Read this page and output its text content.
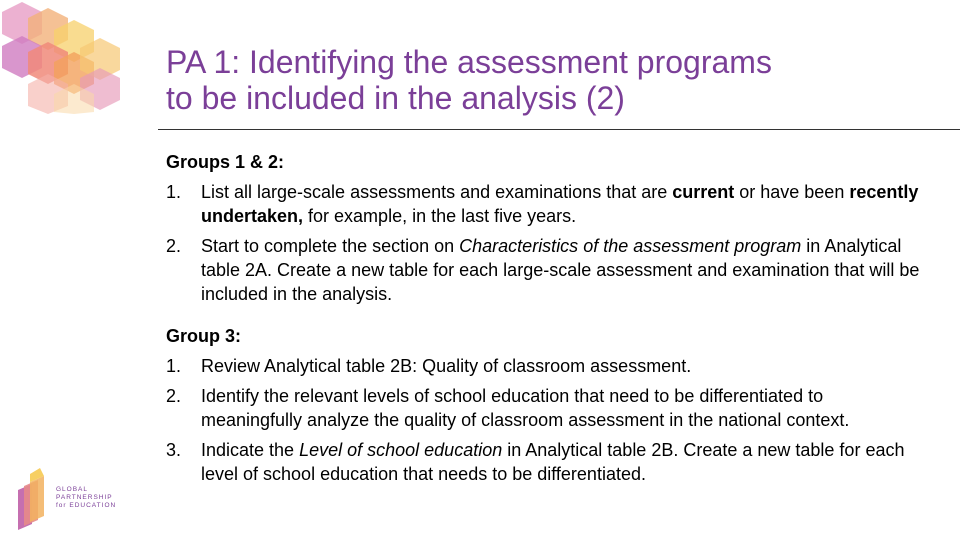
PA 1: Identifying the assessment programs
to be included in the analysis (2)
Groups 1 & 2:
1.	List all large-scale assessments and examinations that are current or have been recently undertaken, for example, in the last five years.
2.	Start to complete the section on Characteristics of the assessment program in Analytical table 2A. Create a new table for each large-scale assessment and examination that will be included in the analysis.
Group 3:
1.	Review Analytical table 2B: Quality of classroom assessment.
2.	Identify the relevant levels of school education that need to be differentiated to meaningfully analyze the quality of classroom assessment in the national context.
3.	Indicate the Level of school education in Analytical table 2B. Create a new table for each level of school education that needs to be differentiated.
GLOBAL
PARTNERSHIP
for EDUCATION
